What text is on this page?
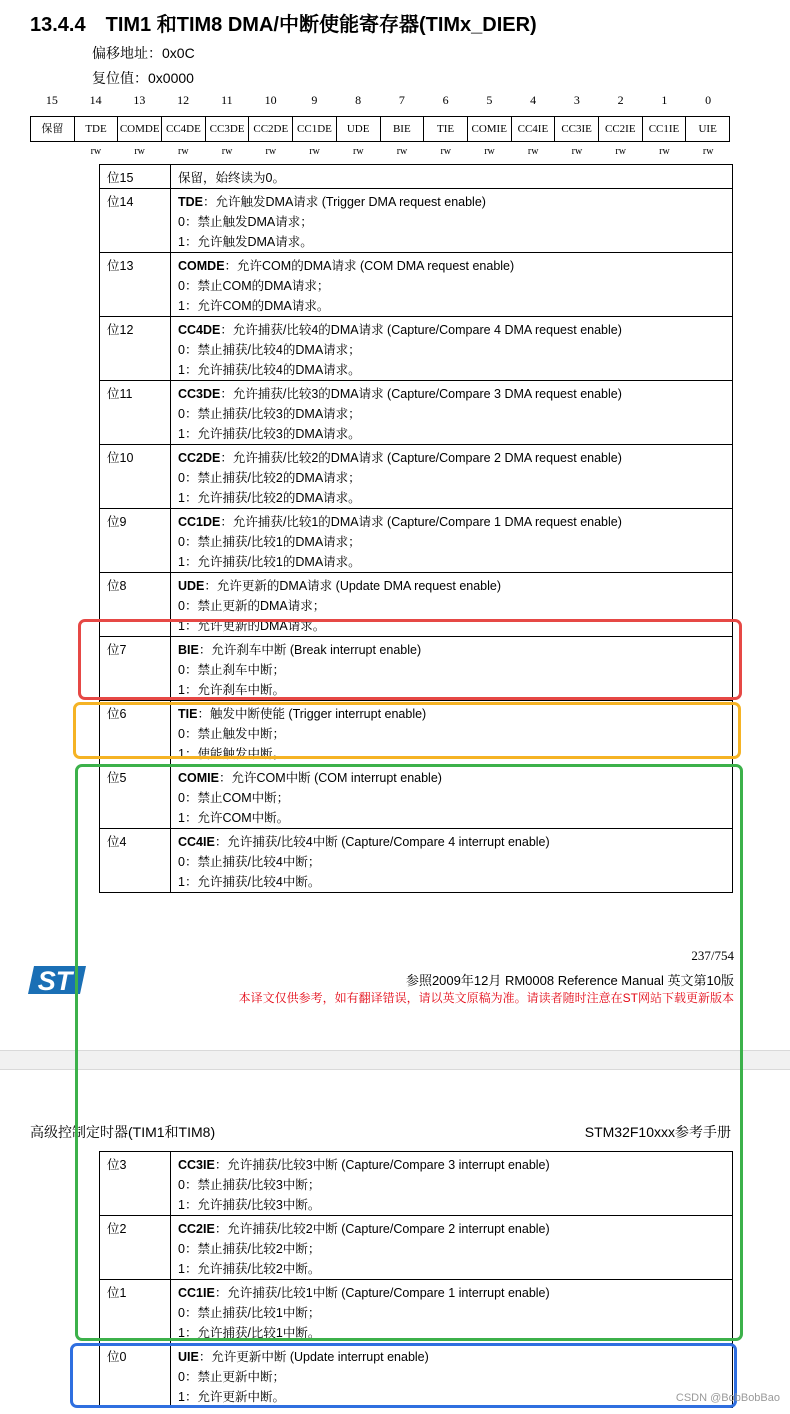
13.4.4 TIM1 和TIM8 DMA/中断使能寄存器(TIMx_DIER)
偏移地址：0x0C
复位值：0x0000
15	14	13	12	11	10	9	8	7	6	5	4	3	2	1	0
保留	TDE	COMDE CC4DE CC3DE CC2DE CC1DE	UDE	BIE	TIE	COMIE CC4IE	CC3IE	CC2IE	CC1IE	UIE
rw	rw	rw	rw	rw	rw	rw	rw	rw	rw	rw	rw	rw	rw	rw
位15	保留，始终读为0。

位14	TDE：允许触发DMA请求 (Trigger DMA request enable)
0：禁止触发DMA请求；
1：允许触发DMA请求。

位13	COMDE：允许COM的DMA请求 (COM DMA request enable)
0：禁止COM的DMA请求；
1：允许COM的DMA请求。

位12	CC4DE：允许捕获/比较4的DMA请求 (Capture/Compare 4 DMA request enable)
0：禁止捕获/比较4的DMA请求；
1：允许捕获/比较4的DMA请求。

位11	CC3DE：允许捕获/比较3的DMA请求 (Capture/Compare 3 DMA request enable)
0：禁止捕获/比较3的DMA请求；
1：允许捕获/比较3的DMA请求。

位10	CC2DE：允许捕获/比较2的DMA请求 (Capture/Compare 2 DMA request enable)
0：禁止捕获/比较2的DMA请求；
1：允许捕获/比较2的DMA请求。

位9	CC1DE：允许捕获/比较1的DMA请求 (Capture/Compare 1 DMA request enable)
0：禁止捕获/比较1的DMA请求；
1：允许捕获/比较1的DMA请求。

位8	UDE：允许更新的DMA请求 (Update DMA request enable)
0：禁止更新的DMA请求；
1：允许更新的DMA请求。

位7	BIE：允许刹车中断 (Break interrupt enable)
0：禁止刹车中断；
1：允许刹车中断。

位6	TIE：触发中断使能 (Trigger interrupt enable)
0：禁止触发中断；
1：使能触发中断。

位5	COMIE：允许COM中断 (COM interrupt enable)
0：禁止COM中断；
1：允许COM中断。

位4	CC4IE：允许捕获/比较4中断 (Capture/Compare 4 interrupt enable)
0：禁止捕获/比较4中断；
1：允许捕获/比较4中断。
237/754
ST	参照2009年12月 RM0008 Reference Manual 英文第10版
本译文仅供参考，如有翻译错误，请以英文原稿为准。请读者随时注意在ST网站下载更新版本
高级控制定时器(TIM1和TIM8)	STM32F10xxx参考手册
位3	CC3IE：允许捕获/比较3中断 (Capture/Compare 3 interrupt enable)
0：禁止捕获/比较3中断；
1：允许捕获/比较3中断。

位2	CC2IE：允许捕获/比较2中断 (Capture/Compare 2 interrupt enable)
0：禁止捕获/比较2中断；
1：允许捕获/比较2中断。

位1	CC1IE：允许捕获/比较1中断 (Capture/Compare 1 interrupt enable)
0：禁止捕获/比较1中断；
1：允许捕获/比较1中断。

位0	UIE：允许更新中断 (Update interrupt enable)
0：禁止更新中断；
1：允许更新中断。	CSDN @BobBobBao
